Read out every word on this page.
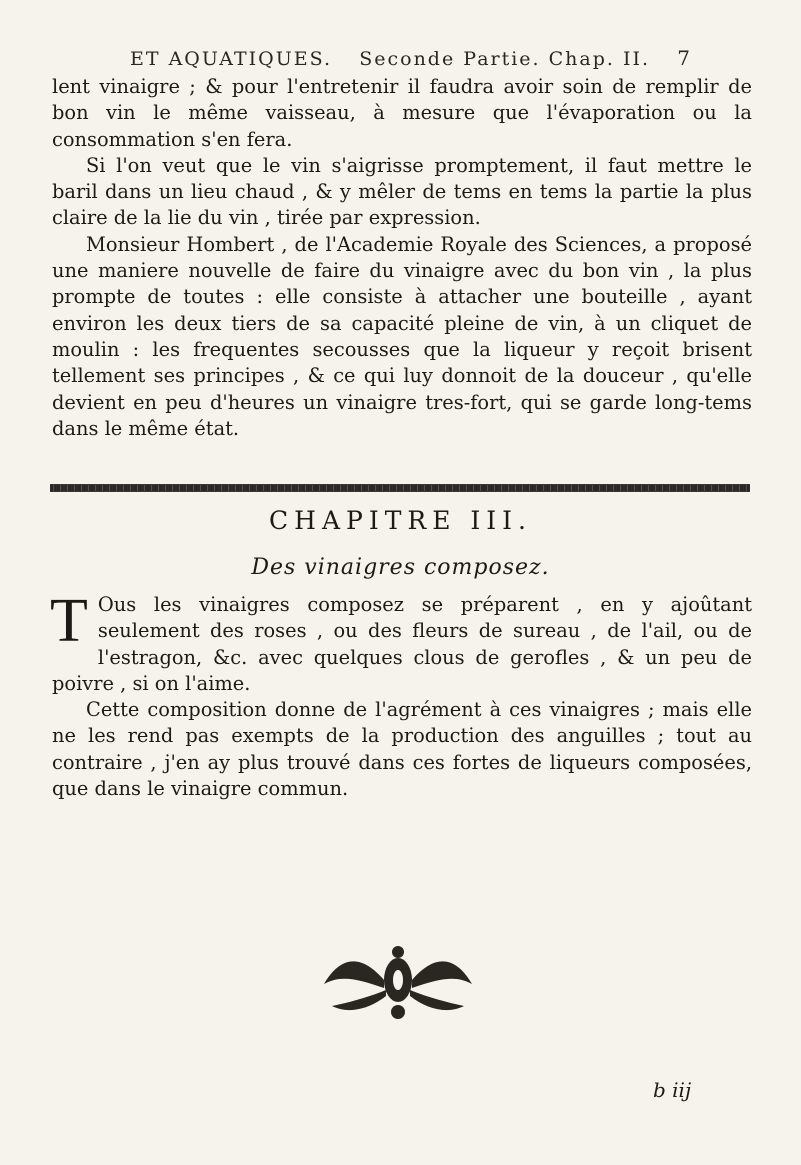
ET AQUATIQUES. Seconde Partie. Chap. II. 7

lent vinaigre ; & pour l'entretenir il faudra avoir soin de remplir de bon vin le même vaisseau, à mesure que l'évaporation ou la consommation s'en fera.

Si l'on veut que le vin s'aigrisse promptement, il faut mettre le baril dans un lieu chaud , & y mêler de tems en tems la partie la plus claire de la lie du vin , tirée par expression.

Monsieur Hombert , de l'Academie Royale des Sciences, a proposé une maniere nouvelle de faire du vinaigre avec du bon vin , la plus prompte de toutes : elle consiste à attacher une bouteille , ayant environ les deux tiers de sa capacité pleine de vin, à un cliquet de moulin : les frequentes secousses que la liqueur y reçoit brisent tellement ses principes , & ce qui luy donnoit de la douceur , qu'elle devient en peu d'heures un vinaigre tres-fort, qui se garde long-tems dans le même état.

CHAPITRE III.
Des vinaigres composez.

T Ous les vinaigres composez se préparent , en y ajoûtant seulement des roses , ou des fleurs de sureau , de l'ail, ou de l'estragon, &c. avec quelques clous de gerofles , & un peu de poivre , si on l'aime.

Cette composition donne de l'agrément à ces vinaigres ; mais elle ne les rend pas exempts de la production des anguilles ; tout au contraire , j'en ay plus trouvé dans ces fortes de liqueurs composées, que dans le vinaigre commun.

b iij
